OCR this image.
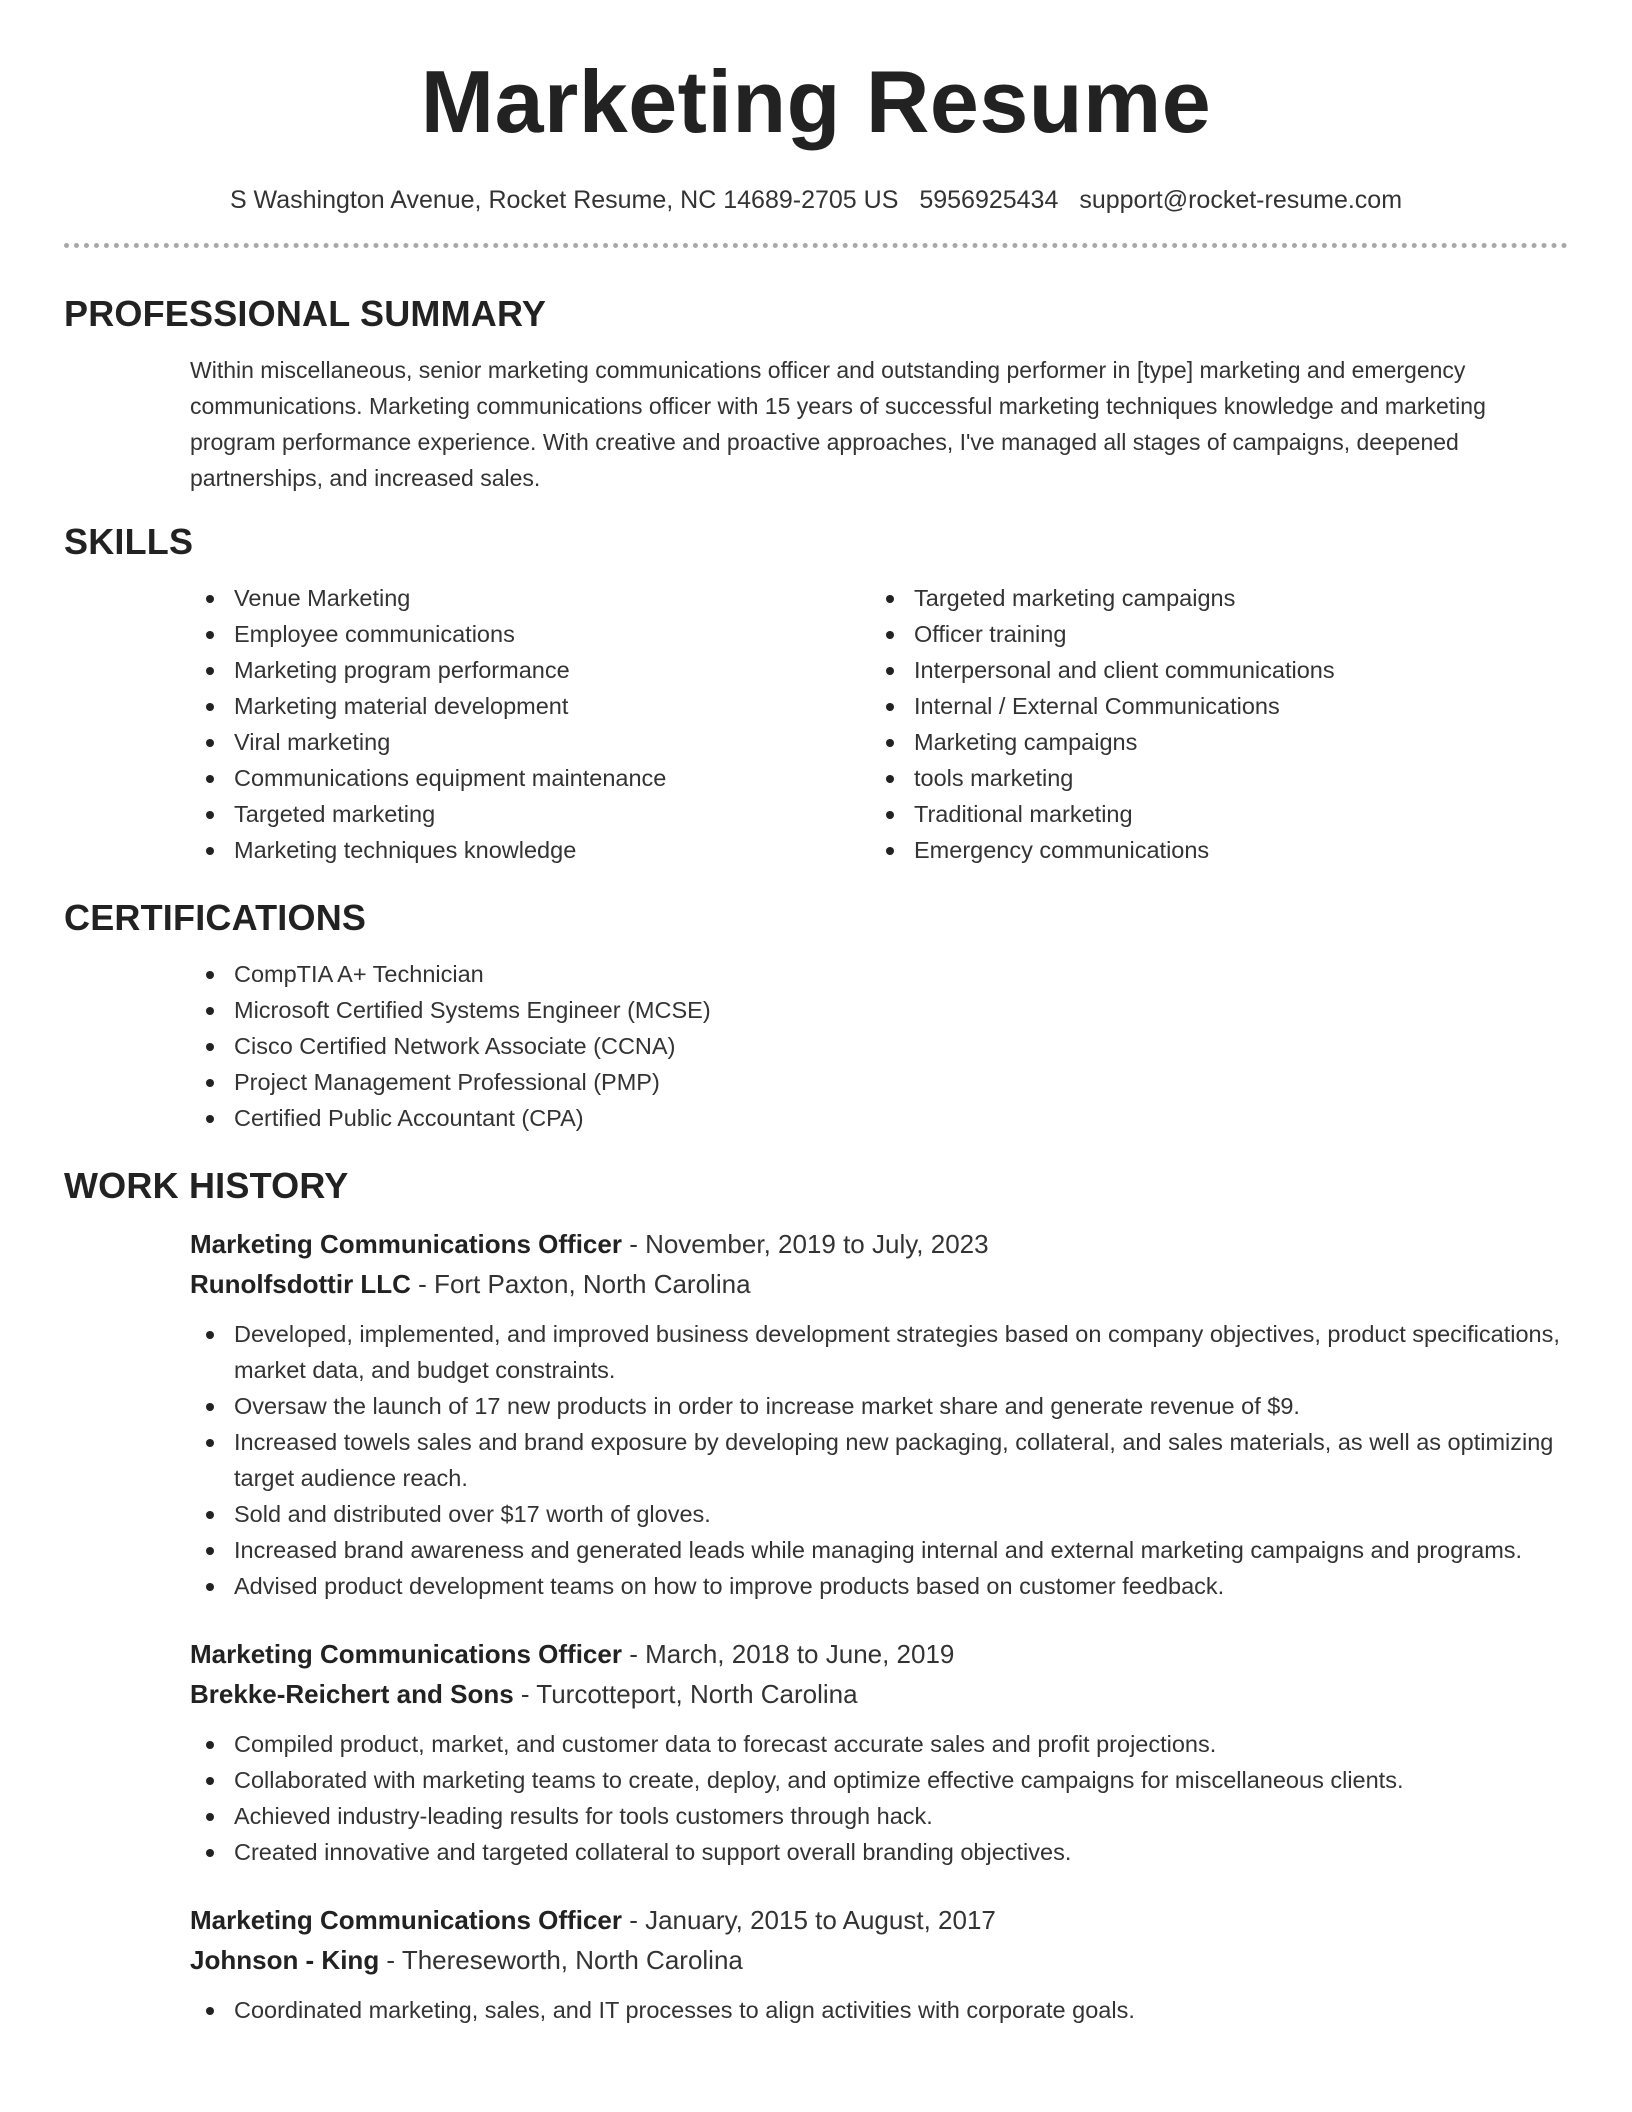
Marketing Resume
S Washington Avenue, Rocket Resume, NC 14689-2705 US 5956925434 support@rocket-resume.com
PROFESSIONAL SUMMARY

Within miscellaneous, senior marketing communications officer and outstanding performer in [type] marketing and emergency communications. Marketing communications officer with 15 years of successful marketing techniques knowledge and marketing program performance experience. With creative and proactive approaches, I've managed all stages of campaigns, deepened partnerships, and increased sales.

SKILLS
Venue Marketing
Employee communications
Marketing program performance
Marketing material development
Viral marketing
Communications equipment maintenance
Targeted marketing
Marketing techniques knowledge
Targeted marketing campaigns
Officer training
Interpersonal and client communications
Internal / External Communications
Marketing campaigns
tools marketing
Traditional marketing
Emergency communications
CERTIFICATIONS
CompTIA A+ Technician
Microsoft Certified Systems Engineer (MCSE)
Cisco Certified Network Associate (CCNA)
Project Management Professional (PMP)
Certified Public Accountant (CPA)
WORK HISTORY
Marketing Communications Officer - November, 2019 to July, 2023
Runolfsdottir LLC - Fort Paxton, North Carolina
Developed, implemented, and improved business development strategies based on company objectives, product specifications, market data, and budget constraints.
Oversaw the launch of 17 new products in order to increase market share and generate revenue of $9.
Increased towels sales and brand exposure by developing new packaging, collateral, and sales materials, as well as optimizing target audience reach.
Sold and distributed over $17 worth of gloves.
Increased brand awareness and generated leads while managing internal and external marketing campaigns and programs.
Advised product development teams on how to improve products based on customer feedback.
Marketing Communications Officer - March, 2018 to June, 2019
Brekke-Reichert and Sons - Turcotteport, North Carolina
Compiled product, market, and customer data to forecast accurate sales and profit projections.
Collaborated with marketing teams to create, deploy, and optimize effective campaigns for miscellaneous clients.
Achieved industry-leading results for tools customers through hack.
Created innovative and targeted collateral to support overall branding objectives.
Marketing Communications Officer - January, 2015 to August, 2017
Johnson - King - Thereseworth, North Carolina
Coordinated marketing, sales, and IT processes to align activities with corporate goals.
